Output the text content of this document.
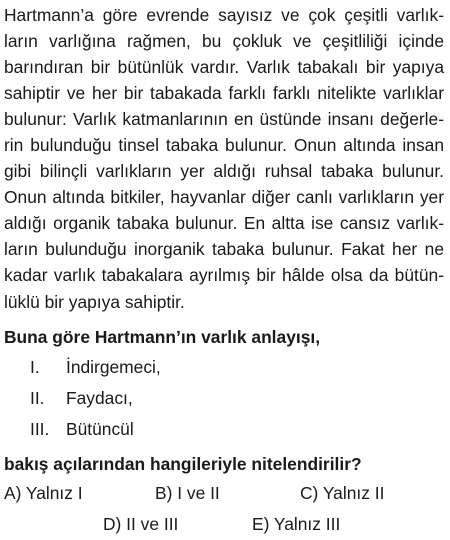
Hartmann’a göre evrende sayısız ve çok çeşitli varlık-
ların varlığına rağmen, bu çokluk ve çeşitliliği içinde
barındıran bir bütünlük vardır. Varlık tabakalı bir yapıya
sahiptir ve her bir tabakada farklı farklı nitelikte varlıklar
bulunur: Varlık katmanlarının en üstünde insanı değerle-
rin bulunduğu tinsel tabaka bulunur. Onun altında insan
gibi bilinçli varlıkların yer aldığı ruhsal tabaka bulunur.
Onun altında bitkiler, hayvanlar diğer canlı varlıkların yer
aldığı organik tabaka bulunur. En altta ise cansız varlık-
ların bulunduğu inorganik tabaka bulunur. Fakat her ne
kadar varlık tabakalara ayrılmış bir hâlde olsa da bütün-
lüklü bir yapıya sahiptir.
Buna göre Hartmann’ın varlık anlayışı,
I. İndirgemeci,
II. Faydacı,
III. Bütüncül
bakış açılarından hangileriyle nitelendirilir?
A) Yalnız I	B) I ve II	C) Yalnız II
D) II ve III	E) Yalnız III
